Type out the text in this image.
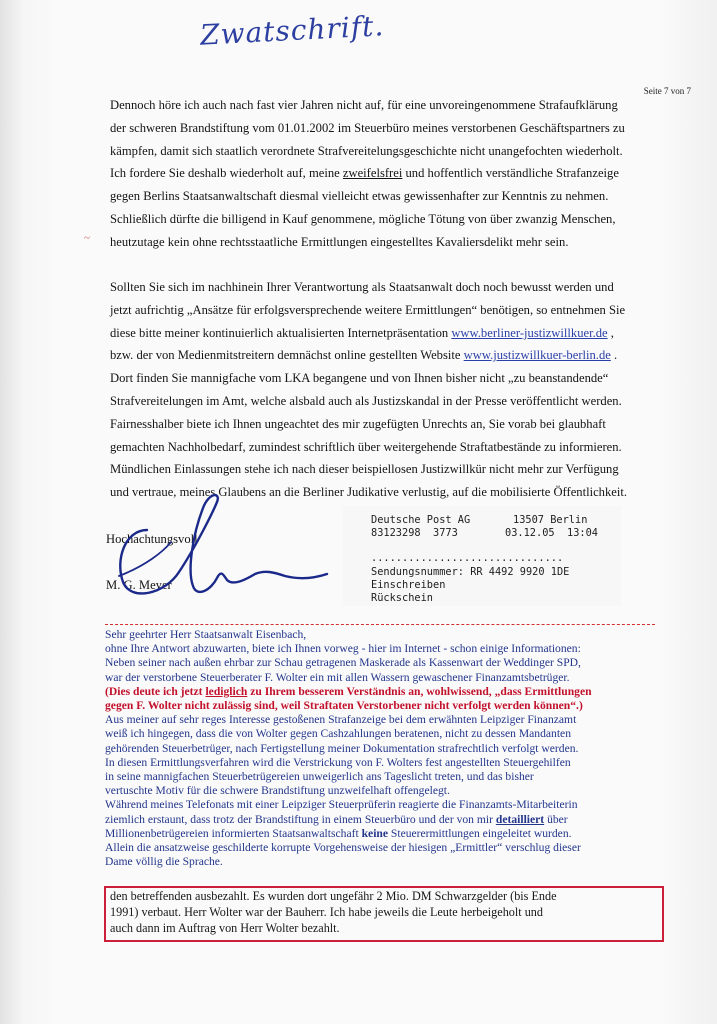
Zwatschrift.
Seite 7 von 7
Dennoch höre ich auch nach fast vier Jahren nicht auf, für eine unvoreingenommene Strafaufklärung
der schweren Brandstiftung vom 01.01.2002 im Steuerbüro meines verstorbenen Geschäftspartners zu
kämpfen, damit sich staatlich verordnete Strafvereitelungsgeschichte nicht unangefochten wiederholt.
Ich fordere Sie deshalb wiederholt auf, meine zweifelsfrei und hoffentlich verständliche Strafanzeige
gegen Berlins Staatsanwaltschaft diesmal vielleicht etwas gewissenhafter zur Kenntnis zu nehmen.
Schließlich dürfte die billigend in Kauf genommene, mögliche Tötung von über zwanzig Menschen,
heutzutage kein ohne rechtsstaatliche Ermittlungen eingestelltes Kavaliersdelikt mehr sein.
~
Sollten Sie sich im nachhinein Ihrer Verantwortung als Staatsanwalt doch noch bewusst werden und
jetzt aufrichtig „Ansätze für erfolgsversprechende weitere Ermittlungen“ benötigen, so entnehmen Sie
diese bitte meiner kontinuierlich aktualisierten Internetpräsentation www.berliner-justizwillkuer.de ,
bzw. der von Medienmitstreitern demnächst online gestellten Website www.justizwillkuer-berlin.de .
Dort finden Sie mannigfache vom LKA begangene und von Ihnen bisher nicht „zu beanstandende“
Strafvereitelungen im Amt, welche alsbald auch als Justizskandal in der Presse veröffentlicht werden.
Fairnesshalber biete ich Ihnen ungeachtet des mir zugefügten Unrechts an, Sie vorab bei glaubhaft
gemachten Nachholbedarf, zumindest schriftlich über weitergehende Straftatbestände zu informieren.
Mündlichen Einlassungen stehe ich nach dieser beispiellosen Justizwillkür nicht mehr zur Verfügung
und vertraue, meines Glaubens an die Berliner Judikative verlustig, auf die mobilisierte Öffentlichkeit.
Hochachtungsvoll
M. G. Meyer
Deutsche Post AG	13507 Berlin
83123298  3773	03.12.05  13:04
...............................
Sendungsnummer: RR 4492 9920 1DE
Einschreiben
Rückschein
Sehr geehrter Herr Staatsanwalt Eisenbach,
ohne Ihre Antwort abzuwarten, biete ich Ihnen vorweg - hier im Internet - schon einige Informationen:
Neben seiner nach außen ehrbar zur Schau getragenen Maskerade als Kassenwart der Weddinger SPD,
war der verstorbene Steuerberater F. Wolter ein mit allen Wassern gewaschener Finanzamtsbetrüger.
(Dies deute ich jetzt lediglich zu Ihrem besserem Verständnis an, wohlwissend, „dass Ermittlungen
gegen F. Wolter nicht zulässig sind, weil Straftaten Verstorbener nicht verfolgt werden können“.)
Aus meiner auf sehr reges Interesse gestoßenen Strafanzeige bei dem erwähnten Leipziger Finanzamt
weiß ich hingegen, dass die von Wolter gegen Cashzahlungen beratenen, nicht zu dessen Mandanten
gehörenden Steuerbetrüger, nach Fertigstellung meiner Dokumentation strafrechtlich verfolgt werden.
In diesen Ermittlungsverfahren wird die Verstrickung von F. Wolters fest angestellten Steuergehilfen
in seine mannigfachen Steuerbetrügereien unweigerlich ans Tageslicht treten, und das bisher
vertuschte Motiv für die schwere Brandstiftung unzweifelhaft offengelegt.
Während meines Telefonats mit einer Leipziger Steuerprüferin reagierte die Finanzamts-Mitarbeiterin
ziemlich erstaunt, dass trotz der Brandstiftung in einem Steuerbüro und der von mir detailliert über
Millionenbetrügereien informierten Staatsanwaltschaft keine Steuerermittlungen eingeleitet wurden.
Allein die ansatzweise geschilderte korrupte Vorgehensweise der hiesigen „Ermittler“ verschlug dieser
Dame völlig die Sprache.
den betreffenden ausbezahlt. Es wurden dort ungefähr 2 Mio. DM Schwarzgelder (bis Ende
1991) verbaut. Herr Wolter war der Bauherr. Ich habe jeweils die Leute herbeigeholt und
auch dann im Auftrag von Herr Wolter bezahlt.
